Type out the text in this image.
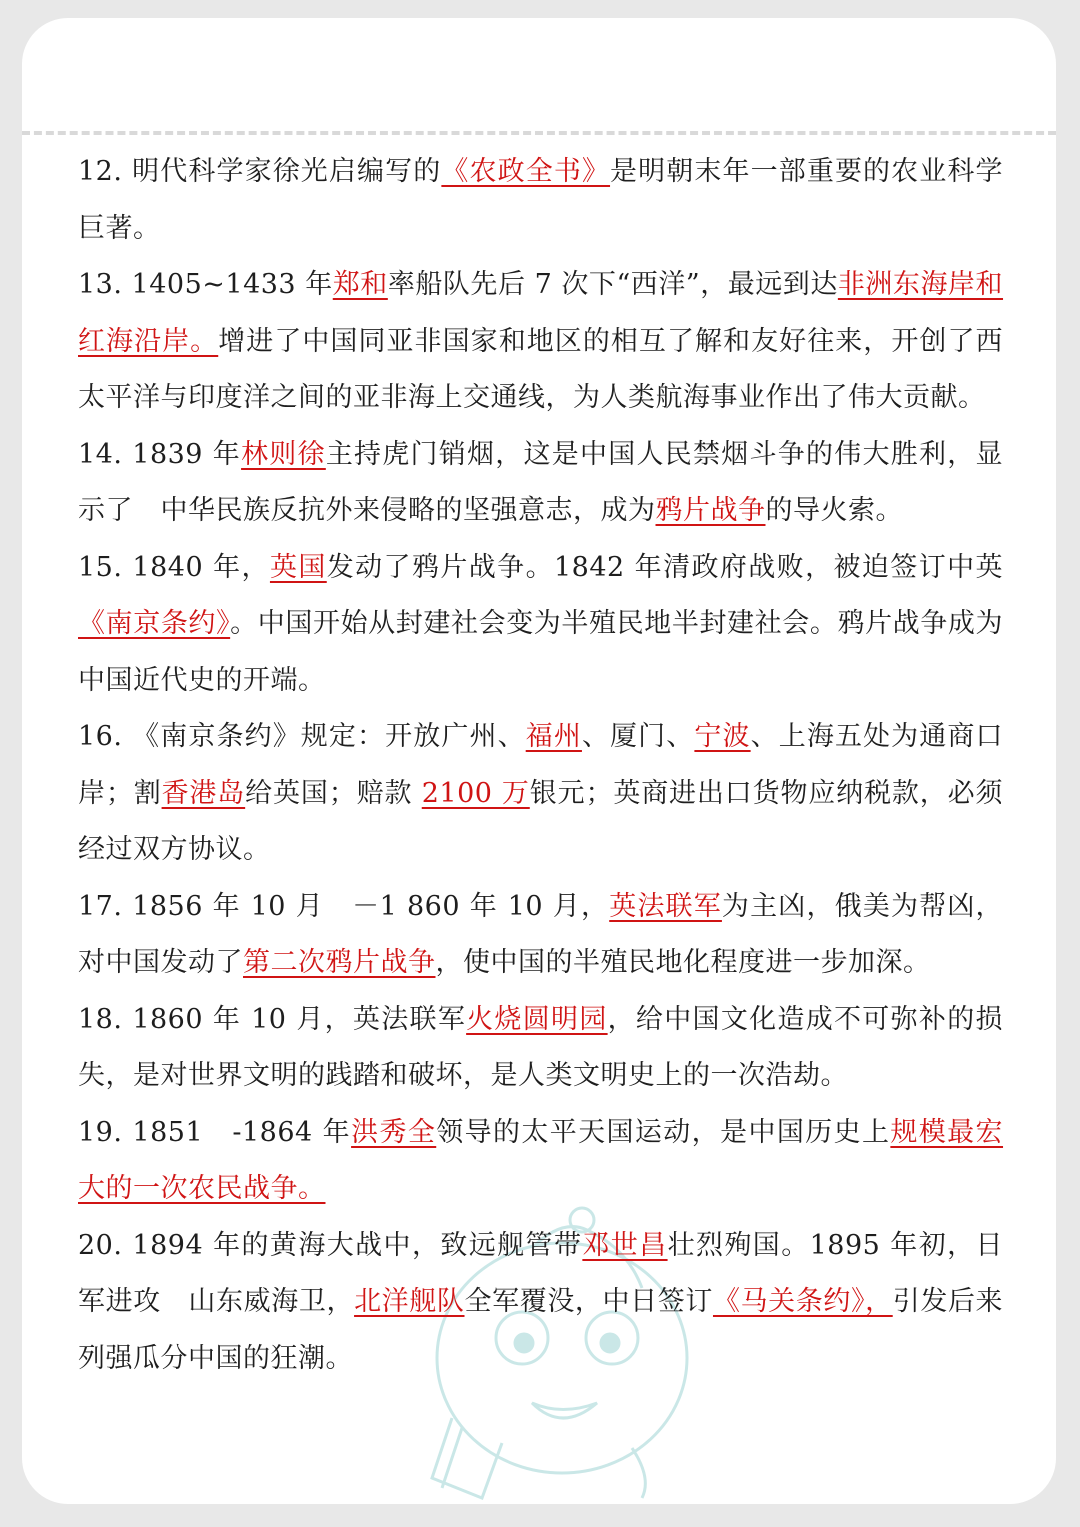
12. 明代科学家徐光启编写的《农政全书》是明朝末年一部重要的农业科学巨著。

13. 1405~1433 年郑和率船队先后 7 次下“西洋”，最远到达非洲东海岸和红海沿岸。增进了中国同亚非国家和地区的相互了解和友好往来，开创了西太平洋与印度洋之间的亚非海上交通线，为人类航海事业作出了伟大贡献。

14. 1839 年林则徐主持虎门销烟，这是中国人民禁烟斗争的伟大胜利，显示了　中华民族反抗外来侵略的坚强意志，成为鸦片战争的导火索。

15. 1840 年，英国发动了鸦片战争。1842 年清政府战败，被迫签订中英《南京条约》。中国开始从封建社会变为半殖民地半封建社会。鸦片战争成为中国近代史的开端。

16. 《南京条约》规定：开放广州、福州、厦门、宁波、上海五处为通商口岸；割香港岛给英国；赔款 2100 万银元；英商进出口货物应纳税款，必须经过双方协议。

17. 1856 年 10 月　－1 860 年 10 月，英法联军为主凶，俄美为帮凶，对中国发动了第二次鸦片战争，使中国的半殖民地化程度进一步加深。

18. 1860 年 10 月，英法联军火烧圆明园，给中国文化造成不可弥补的损失，是对世界文明的践踏和破坏，是人类文明史上的一次浩劫。

19. 1851　-1864 年洪秀全领导的太平天国运动，是中国历史上规模最宏大的一次农民战争。

20. 1894 年的黄海大战中，致远舰管带邓世昌壮烈殉国。1895 年初，日军进攻　山东威海卫，北洋舰队全军覆没，中日签订《马关条约》，引发后来列强瓜分中国的狂潮。
